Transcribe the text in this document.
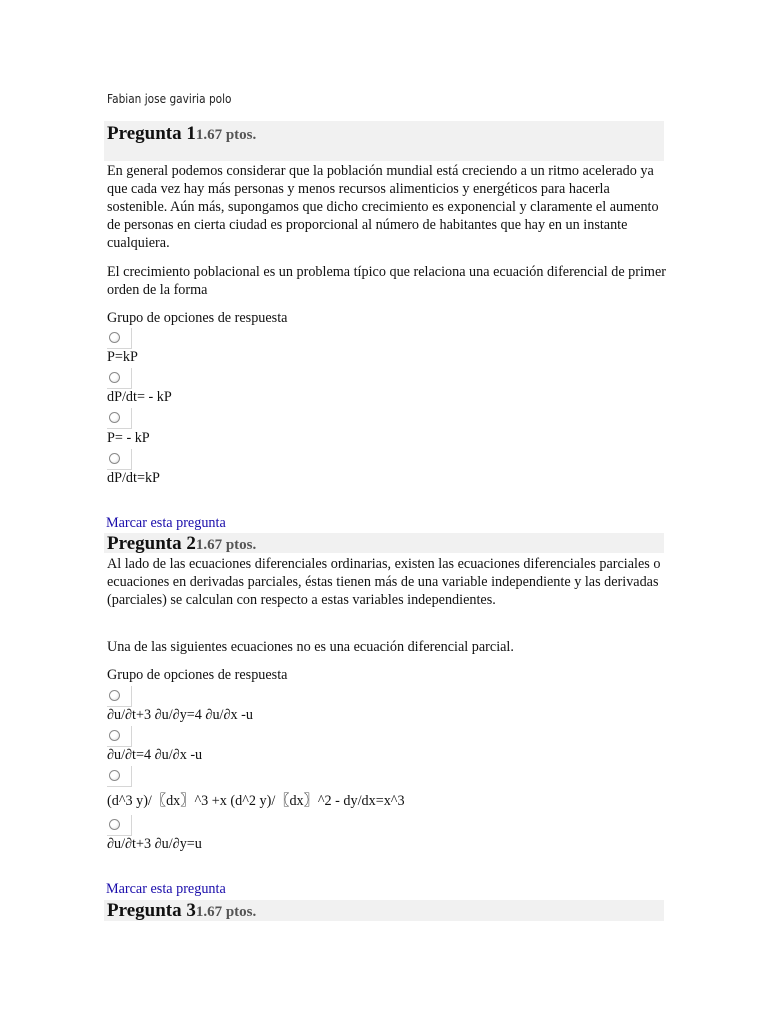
Fabian jose gaviria polo
Pregunta 11.67 ptos.
En general podemos considerar que la población mundial está creciendo a un ritmo acelerado ya que cada vez hay más personas y menos recursos alimenticios y energéticos para hacerla sostenible. Aún más, supongamos que dicho crecimiento es exponencial y claramente el aumento de personas en cierta ciudad es proporcional al número de habitantes que hay en un instante cualquiera.
El crecimiento poblacional es un problema típico que relaciona una ecuación diferencial de primer orden de la forma
Grupo de opciones de respuesta
P=kP
dP/dt= - kP
P= - kP
dP/dt=kP
Marcar esta pregunta
Pregunta 21.67 ptos.
Al lado de las ecuaciones diferenciales ordinarias, existen las ecuaciones diferenciales parciales o ecuaciones en derivadas parciales, éstas tienen más de una variable independiente y las derivadas (parciales) se calculan con respecto a estas variables independientes.
Una de las siguientes ecuaciones no es una ecuación diferencial parcial.
Grupo de opciones de respuesta
∂u/∂t+3 ∂u/∂y=4 ∂u/∂x -u
∂u/∂t=4 ∂u/∂x -u
(d^3 y)/〖dx〗^3 +x (d^2 y)/〖dx〗^2 - dy/dx=x^3
∂u/∂t+3 ∂u/∂y=u
Marcar esta pregunta
Pregunta 31.67 ptos.
